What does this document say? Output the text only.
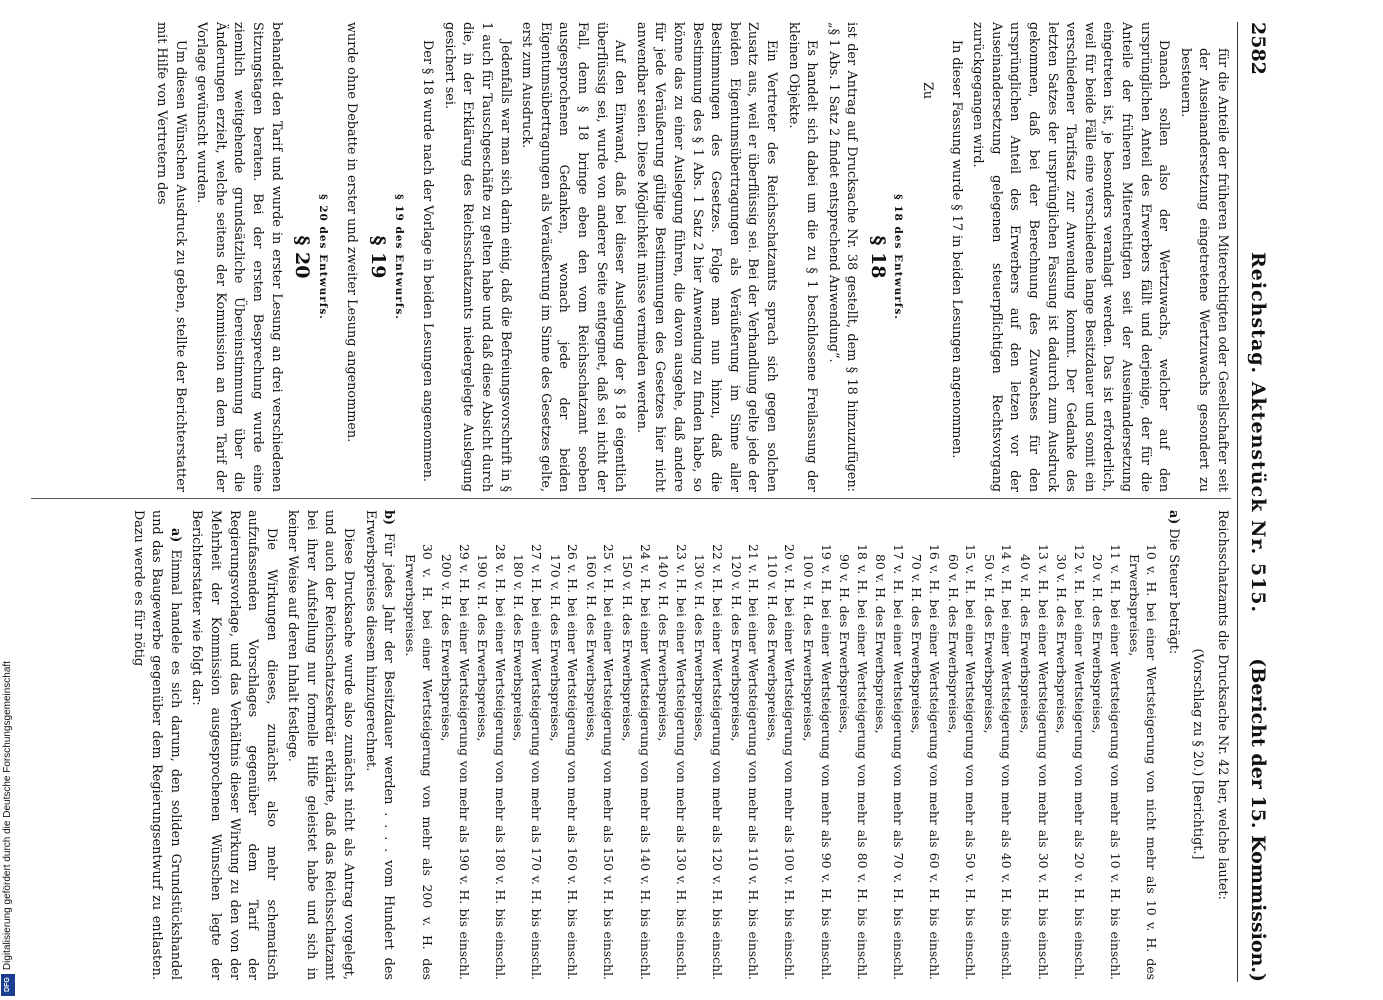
2582
Reichstag. Aktenstück Nr. 515.
(Bericht der 15. Kommission.)

für die Anteile der früheren Miterechtigten oder Gesellschafter seit der Auseinandersetzung eingetretene Wertzuwachs gesondert zu besteuern.

Danach sollen also der Wertzuwachs, welcher auf den ursprünglichen Anteil des Erwerbers fällt und derjenige, der für die Anteile der früheren Miterechtigten seit der Auseinandersetzung eingetreten ist, je besonders veranlagt werden. Das ist erforderlich, weil für beide Fälle eine verschiedene lange Besitzdauer und somit ein verschiedener Tarifsatz zur Anwendung kommt. Der Gedanke des letzten Satzes der ursprünglichen Fassung ist dadurch zum Ausdruck gekommen, daß bei der Berechnung des Zuwachses für den ursprünglichen Anteil des Erwerbers auf den letzen vor der Auseinandersetzung gelegenen steuerpflichtigen Rechtsvorgang zurückgegangen wird.

In dieser Fassung wurde § 17 in beiden Lesungen angenommen.

Zu

§ 18 des Entwurfs.
§ 18

ist der Antrag auf Drucksache Nr. 38 gestellt, dem § 18 hinzuzufügen: „§ 1 Abs. 1 Satz 2 findet entsprechend Anwendung“.

Es handelt sich dabei um die zu § 1 beschlossene Freilassung der kleinen Objekte.

Ein Vertreter des Reichsschatzamts sprach sich gegen solchen Zusatz aus, weil er überflüssig sei. Bei der Verhandlung gelte jede der beiden Eigentumsübertragungen als Veräußerung im Sinne aller Bestimmungen des Gesetzes. Folge man nun hinzu, daß die Bestimmung des § 1 Abs. 1 Satz 2 hier Anwendung zu finden habe, so könne das zu einer Auslegung führen, die davon ausgehe, daß andere für jede Veräußerung gültige Bestimmungen des Gesetzes hier nicht anwendbar seien. Diese Möglichkeit müsse vermieden werden.

Auf den Einwand, daß bei dieser Auslegung der § 18 eigentlich überflüssig sei, wurde von anderer Seite entgegnet, daß sei nicht der Fall, denn § 18 bringe eben den vom Reichsschatzamt soeben ausgesprochenen Gedanken, wonach jede der beiden Eigentumsübertragungen als Veräußerung im Sinne des Gesetzes gelte, erst zum Ausdruck.

Jedenfalls war man sich darin einig, daß die Befreiungsvorschrift in § 1 auch für Tauschgeschäfte zu gelten habe und daß diese Absicht durch die, in der Erklärung des Reichsschatzamts niedergelegte Auslegung gesichert sei.

Der § 18 wurde nach der Vorlage in beiden Lesungen angenommen.

§ 19 des Entwurfs.
§ 19

wurde ohne Debatte in erster und zweiter Lesung angenommen.

§ 20 des Entwurfs.
§ 20

behandelt den Tarif und wurde in erster Lesung an drei verschiedenen Sitzungstagen beraten. Bei der ersten Besprechung wurde eine ziemlich weitgehende grundsätzliche Übereinstimmung über die Änderungen erzielt, welche seitens der Kommission an dem Tarif der Vorlage gewünscht wurden.

Um diesen Wünschen Ausdruck zu geben, stellte der Berichterstatter mit Hilfe von Vertretern des

Reichsschatzamts die Drucksache Nr. 42 her, welche lautet:

(Vorschlag zu § 20.) [Berichtigt.]

a) Die Steuer beträgt:

10 v. H. bei einer Wertsteigerung von nicht mehr als 10 v. H. des Erwerbspreises,
11 v. H. bei einer Wertsteigerung von mehr als 10 v. H. bis einschl. 20 v. H. des Erwerbspreises,
12 v. H. bei einer Wertsteigerung von mehr als 20 v. H. bis einschl. 30 v. H. des Erwerbspreises,
13 v. H. bei einer Wertsteigerung von mehr als 30 v. H. bis einschl. 40 v. H. des Erwerbspreises,
14 v. H. bei einer Wertsteigerung von mehr als 40 v. H. bis einschl. 50 v. H. des Erwerbspreises,
15 v. H. bei einer Wertsteigerung von mehr als 50 v. H. bis einschl. 60 v. H. des Erwerbspreises,
16 v. H. bei einer Wertsteigerung von mehr als 60 v. H. bis einschl. 70 v. H. des Erwerbspreises,
17 v. H. bei einer Wertsteigerung von mehr als 70 v. H. bis einschl. 80 v. H. des Erwerbspreises,
18 v. H. bei einer Wertsteigerung von mehr als 80 v. H. bis einschl. 90 v. H. des Erwerbspreises,
19 v. H. bei einer Wertsteigerung von mehr als 90 v. H. bis einschl. 100 v. H. des Erwerbspreises,
20 v. H. bei einer Wertsteigerung von mehr als 100 v. H. bis einschl. 110 v. H. des Erwerbspreises,
21 v. H. bei einer Wertsteigerung von mehr als 110 v. H. bis einschl. 120 v. H. des Erwerbspreises,
22 v. H. bei einer Wertsteigerung von mehr als 120 v. H. bis einschl. 130 v. H. des Erwerbspreises,
23 v. H. bei einer Wertsteigerung von mehr als 130 v. H. bis einschl. 140 v. H. des Erwerbspreises,
24 v. H. bei einer Wertsteigerung von mehr als 140 v. H. bis einschl. 150 v. H. des Erwerbspreises,
25 v. H. bei einer Wertsteigerung von mehr als 150 v. H. bis einschl. 160 v. H. des Erwerbspreises,
26 v. H. bei einer Wertsteigerung von mehr als 160 v. H. bis einschl. 170 v. H. des Erwerbspreises,
27 v. H. bei einer Wertsteigerung von mehr als 170 v. H. bis einschl. 180 v. H. des Erwerbspreises,
28 v. H. bei einer Wertsteigerung von mehr als 180 v. H. bis einschl. 190 v. H. des Erwerbspreises,
29 v. H. bei einer Wertsteigerung von mehr als 190 v. H. bis einschl. 200 v. H. des Erwerbspreises,
30 v. H. bei einer Wertsteigerung von mehr als 200 v. H. des Erwerbspreises.

b) Für jedes Jahr der Besitzdauer werden . . . . vom Hundert des Erwerbspreises diesem hinzugerechnet.

Diese Drucksache wurde also zunächst nicht als Antrag vorgelegt, und auch der Reichsschatzsekretär erklärte, daß das Reichsschatzamt bei ihrer Aufstellung nur formelle Hilfe geleistet habe und sich in keiner Weise auf deren Inhalt festlege.

Die Wirkungen dieses, zunächst also mehr schematisch aufzufassenden Vorschlages gegenüber dem Tarif der Regierungsvorlage, und das Verhältnis dieser Wirkung zu den von der Mehrheit der Kommission ausgesprochenen Wünschen legte der Berichterstatter wie folgt dar:

a) Einmal handele es sich darum, den soliden Grundstückshandel und das Baugewerbe gegenüber dem Regierungsentwurf zu entlasten. Dazu werde es für nötig

Digitalisierung gefördert durch die Deutsche Forschungsgemeinschaft
DFG
